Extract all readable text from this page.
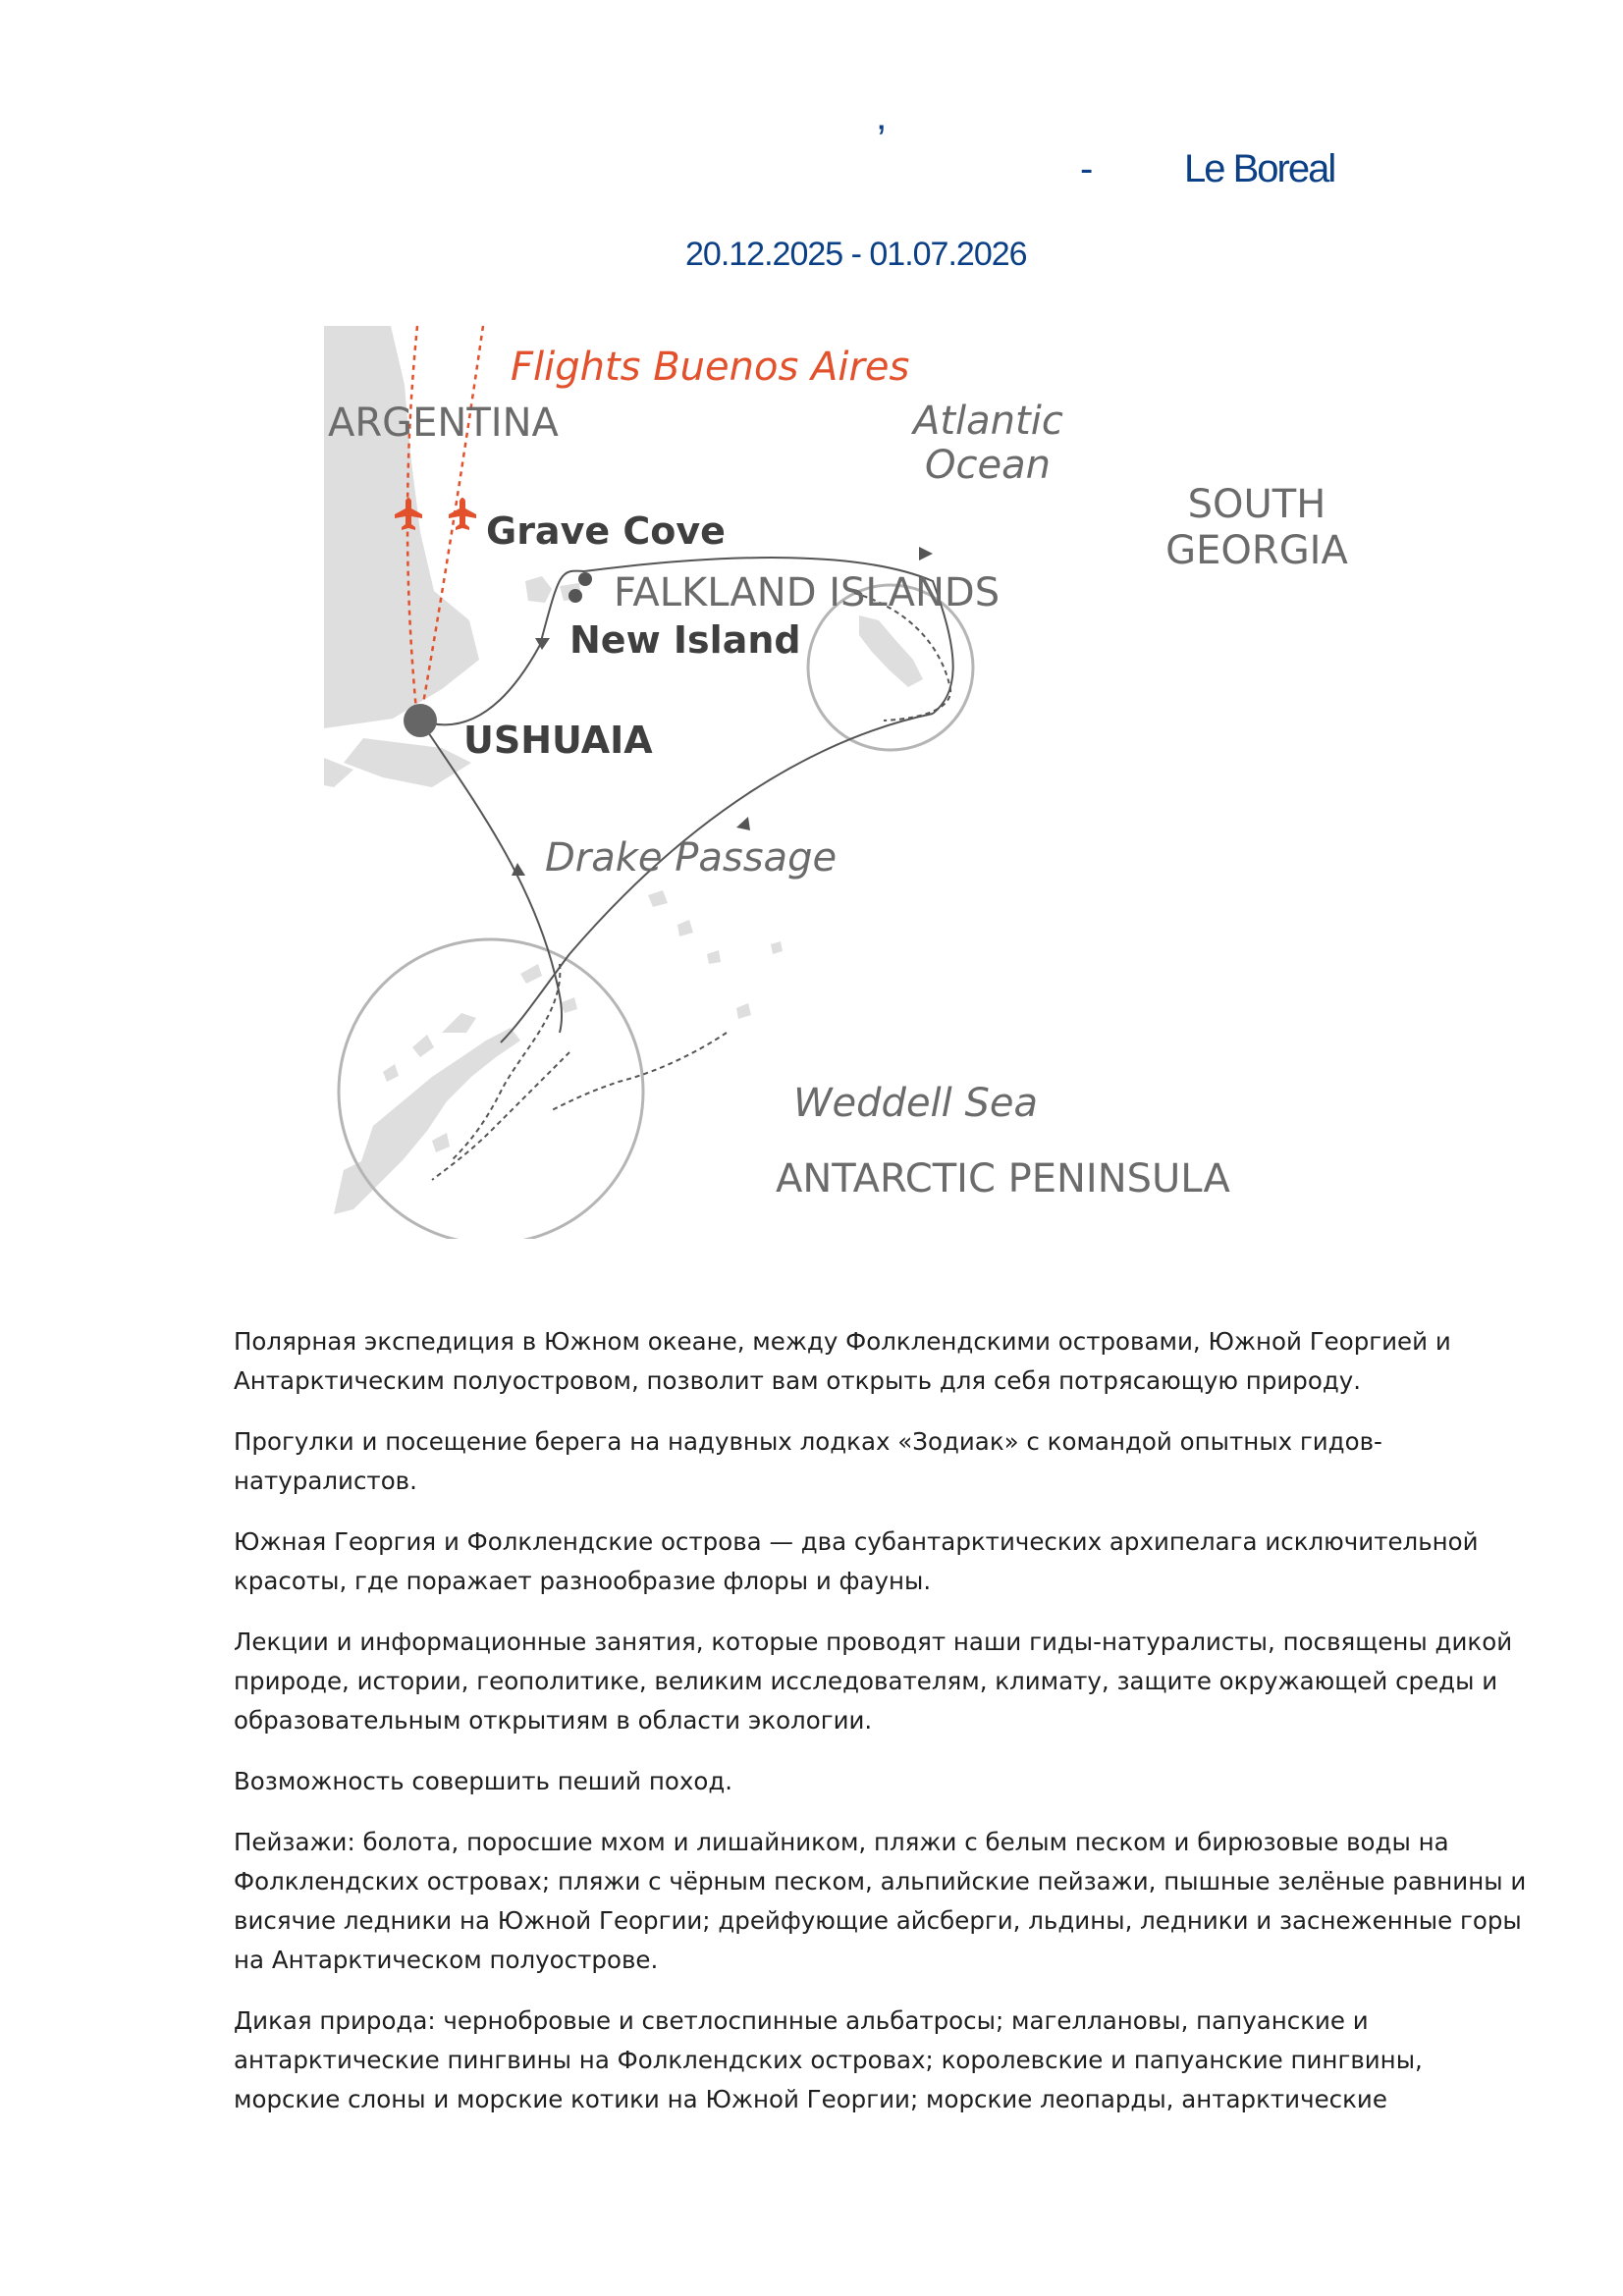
’
- Le Boreal
20.12.2025 - 01.07.2026
Flights Buenos Aires
ARGENTINA	Atlantic
Ocean
SOUTH
GEORGIA
Grave Cove
FALKLAND ISLANDS
New Island
USHUAIA
Drake Passage
Weddell Sea
ANTARCTIC PENINSULA

Полярная экспедиция в Южном океане, между Фолклендскими островами, Южной Георгией и Антарктическим полуостровом, позволит вам открыть для себя потрясающую природу.

Прогулки и посещение берега на надувных лодках «Зодиак» с командой опытных гидов-натуралистов.

Южная Георгия и Фолклендские острова — два субантарктических архипелага исключительной красоты, где поражает разнообразие флоры и фауны.

Лекции и информационные занятия, которые проводят наши гиды-натуралисты, посвящены дикой природе, истории, геополитике, великим исследователям, климату, защите окружающей среды и образовательным открытиям в области экологии.

Возможность совершить пеший поход.

Пейзажи: болота, поросшие мхом и лишайником, пляжи с белым песком и бирюзовые воды на Фолклендских островах; пляжи с чёрным песком, альпийские пейзажи, пышные зелёные равнины и висячие ледники на Южной Георгии; дрейфующие айсберги, льдины, ледники и заснеженные горы на Антарктическом полуострове.

Дикая природа: чернобровые и светлоспинные альбатросы; магеллановы, папуанские и антарктические пингвины на Фолклендских островах; королевские и папуанские пингвины, морские слоны и морские котики на Южной Георгии; морские леопарды, антарктические
